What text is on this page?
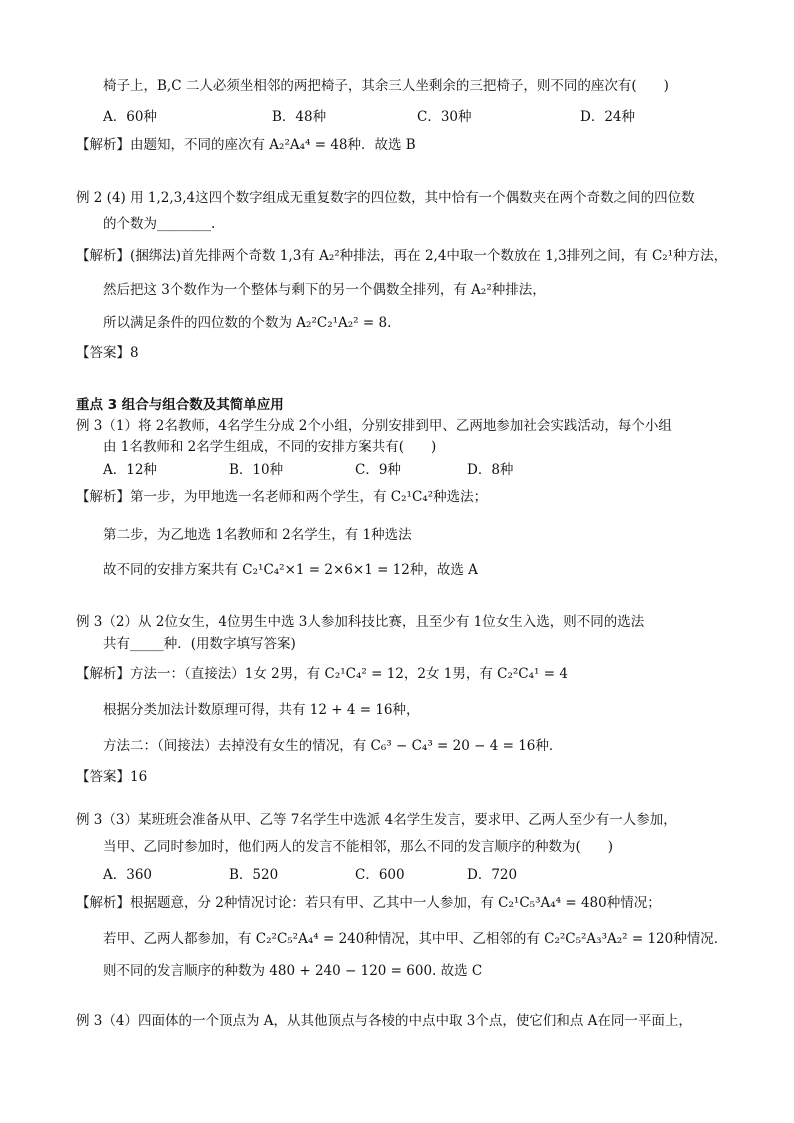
椅子上，B,C 二人必须坐相邻的两把椅子，其余三人坐剩余的三把椅子，则不同的座次有(　　)
A．60种	B．48种	C．30种	D．24种
【解析】由题知，不同的座次有 A₂²A₄⁴ = 48种．故选 B
例 2 (4) 用 1,2,3,4这四个数字组成无重复数字的四位数，其中恰有一个偶数夹在两个奇数之间的四位数
的个数为________.
【解析】(捆绑法)首先排两个奇数 1,3有 A₂²种排法，再在 2,4中取一个数放在 1,3排列之间，有 C₂¹种方法，
然后把这 3个数作为一个整体与剩下的另一个偶数全排列，有 A₂²种排法，
所以满足条件的四位数的个数为 A₂²C₂¹A₂² = 8.
【答案】8
重点 3 组合与组合数及其简单应用
例 3（1）将 2名教师，4名学生分成 2个小组，分别安排到甲、乙两地参加社会实践活动，每个小组
由 1名教师和 2名学生组成，不同的安排方案共有(　　)
A．12种	B．10种	C．9种	D．8种
【解析】第一步，为甲地选一名老师和两个学生，有 C₂¹C₄²种选法；
第二步，为乙地选 1名教师和 2名学生，有 1种选法
故不同的安排方案共有 C₂¹C₄²×1 = 2×6×1 = 12种，故选 A
例 3（2）从 2位女生，4位男生中选 3人参加科技比赛，且至少有 1位女生入选，则不同的选法
共有_____种．(用数字填写答案)
【解析】方法一：（直接法）1女 2男，有 C₂¹C₄² = 12，2女 1男，有 C₂²C₄¹ = 4
根据分类加法计数原理可得，共有 12 + 4 = 16种，
方法二：（间接法）去掉没有女生的情况，有 C₆³ − C₄³ = 20 − 4 = 16种．
【答案】16
例 3（3）某班班会准备从甲、乙等 7名学生中选派 4名学生发言，要求甲、乙两人至少有一人参加，
当甲、乙同时参加时，他们两人的发言不能相邻，那么不同的发言顺序的种数为(　　)
A．360	B．520	C．600	D．720
【解析】根据题意，分 2种情况讨论：若只有甲、乙其中一人参加，有 C₂¹C₅³A₄⁴ = 480种情况；
若甲、乙两人都参加，有 C₂²C₅²A₄⁴ = 240种情况，其中甲、乙相邻的有 C₂²C₅²A₃³A₂² = 120种情况．
则不同的发言顺序的种数为 480 + 240 − 120 = 600. 故选 C
例 3（4）四面体的一个顶点为 A，从其他顶点与各棱的中点中取 3个点，使它们和点 A在同一平面上，
